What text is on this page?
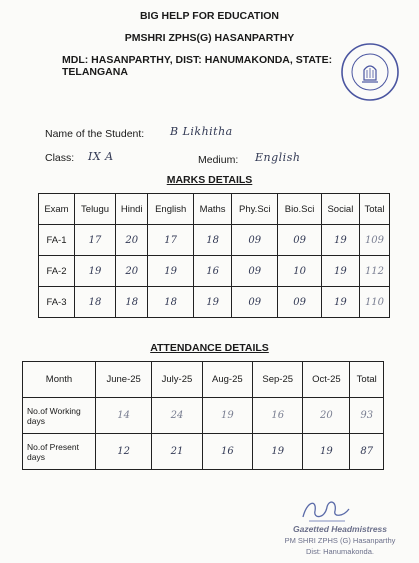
BIG HELP FOR EDUCATION
PMSHRI ZPHS(G) HASANPARTHY
MDL: HASANPARTHY, DIST: HANUMAKONDA, STATE: TELANGANA
Name of the Student: B Likhitha
Class: IX A	Medium: English
MARKS DETAILS
Exam	Telugu	Hindi	English	Maths	Phy.Sci	Bio.Sci	Social	Total
FA-1	17	20	17	18	09	09	19	109
FA-2	19	20	19	16	09	10	19	112
FA-3	18	18	18	19	09	09	19	110
ATTENDANCE DETAILS
Month	June-25	July-25	Aug-25	Sep-25	Oct-25	Total
No.of Working days	14	24	19	16	20	93
No.of Present days	12	21	16	19	19	87
Gazetted Headmistress
PM SHRI ZPHS (G) Hasanparthy
Dist: Hanumakonda.
